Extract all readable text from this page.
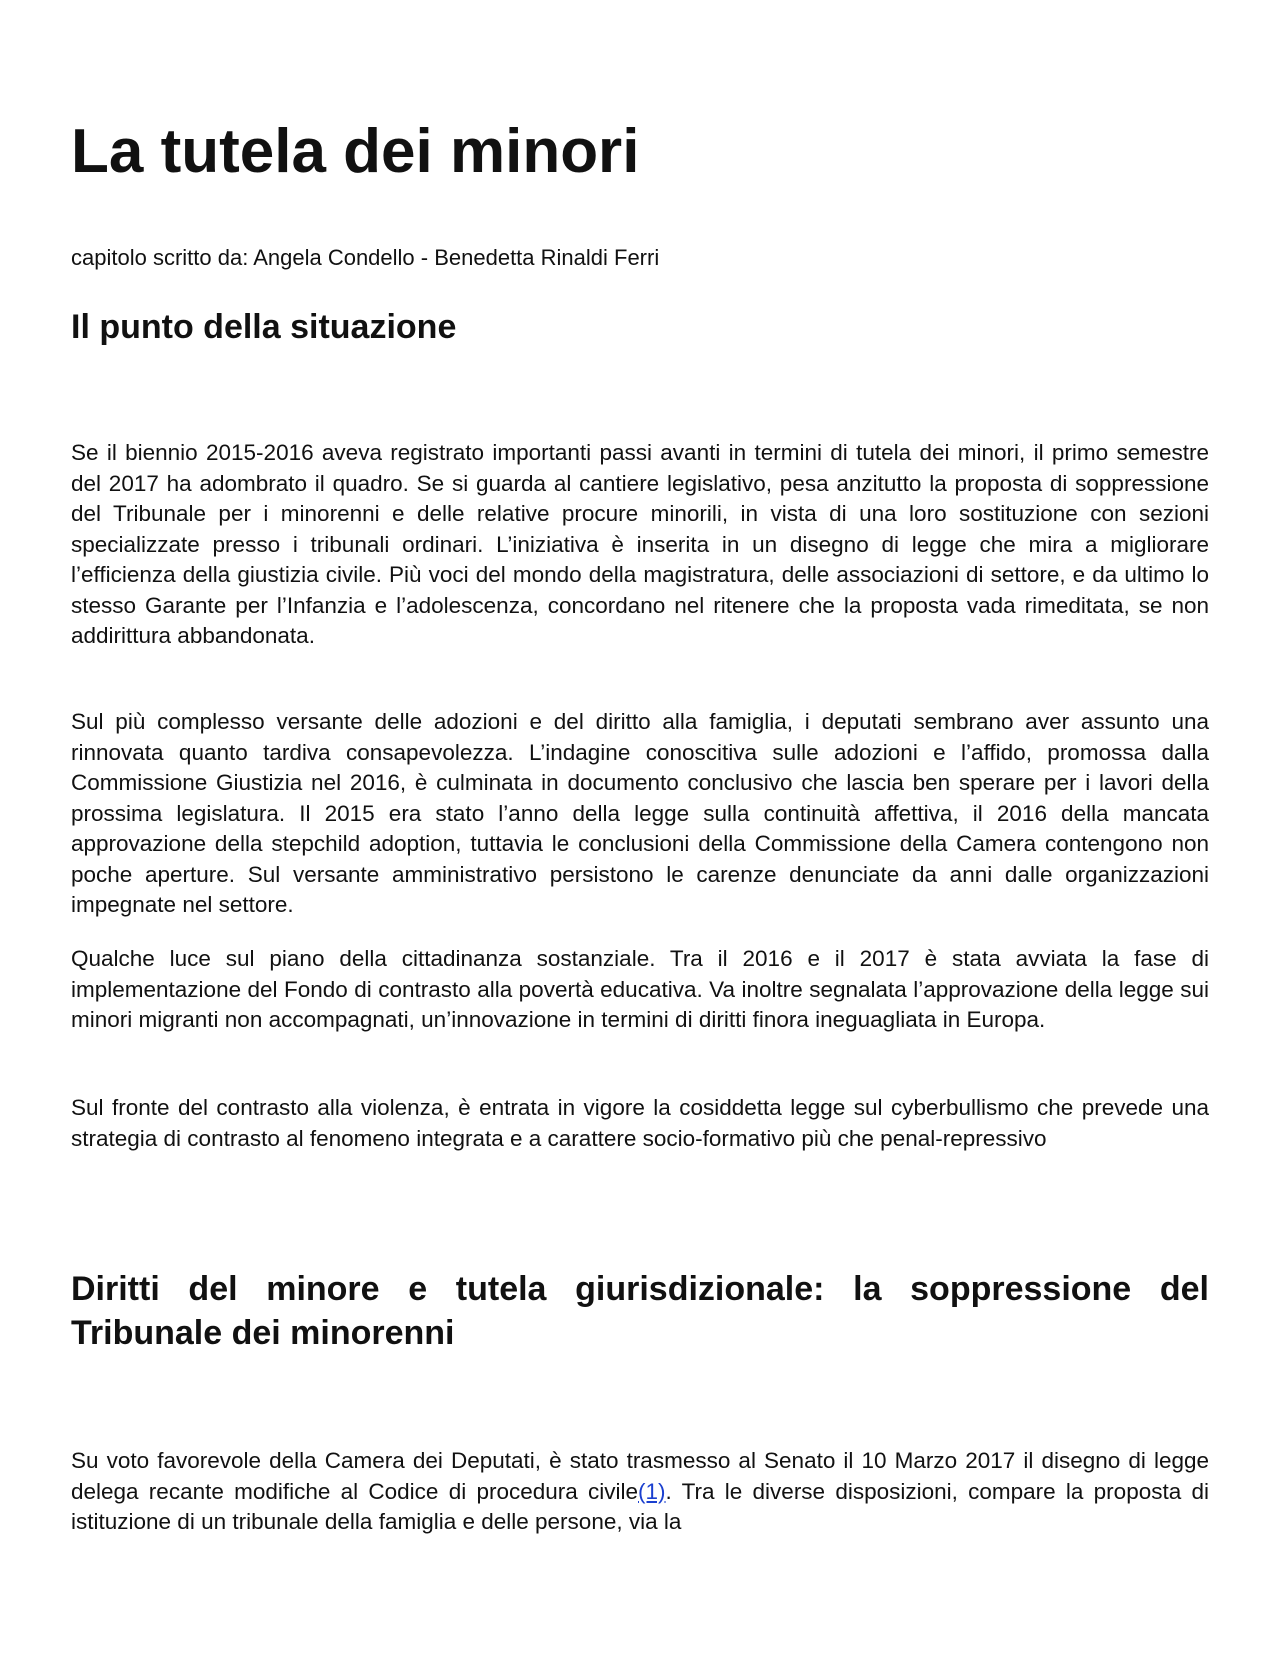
La tutela dei minori

capitolo scritto da: Angela Condello - Benedetta Rinaldi Ferri

Il punto della situazione

Se il biennio 2015-2016 aveva registrato importanti passi avanti in termini di tutela dei minori, il primo semestre del 2017 ha adombrato il quadro. Se si guarda al cantiere legislativo, pesa anzitutto la proposta di soppressione del Tribunale per i minorenni e delle relative procure minorili, in vista di una loro sostituzione con sezioni specializzate presso i tribunali ordinari. L’iniziativa è inserita in un disegno di legge che mira a migliorare l’efficienza della giustizia civile. Più voci del mondo della magistratura, delle associazioni di settore, e da ultimo lo stesso Garante per l’Infanzia e l’adolescenza, concordano nel ritenere che la proposta vada rimeditata, se non addirittura abbandonata.

Sul più complesso versante delle adozioni e del diritto alla famiglia, i deputati sembrano aver assunto una rinnovata quanto tardiva consapevolezza. L’indagine conoscitiva sulle adozioni e l’affido, promossa dalla Commissione Giustizia nel 2016, è culminata in documento conclusivo che lascia ben sperare per i lavori della prossima legislatura. Il 2015 era stato l’anno della legge sulla continuità affettiva, il 2016 della mancata approvazione della stepchild adoption, tuttavia le conclusioni della Commissione della Camera contengono non poche aperture. Sul versante amministrativo persistono le carenze denunciate da anni dalle organizzazioni impegnate nel settore.

Qualche luce sul piano della cittadinanza sostanziale. Tra il 2016 e il 2017 è stata avviata la fase di implementazione del Fondo di contrasto alla povertà educativa. Va inoltre segnalata l’approvazione della legge sui minori migranti non accompagnati, un’innovazione in termini di diritti finora ineguagliata in Europa.

Sul fronte del contrasto alla violenza, è entrata in vigore la cosiddetta legge sul cyberbullismo che prevede una strategia di contrasto al fenomeno integrata e a carattere socio-formativo più che penal-repressivo

Diritti del minore e tutela giurisdizionale: la soppressione del Tribunale dei minorenni

Su voto favorevole della Camera dei Deputati, è stato trasmesso al Senato il 10 Marzo 2017 il disegno di legge delega recante modifiche al Codice di procedura civile(1). Tra le diverse disposizioni, compare la proposta di istituzione di un tribunale della famiglia e delle persone, via la
